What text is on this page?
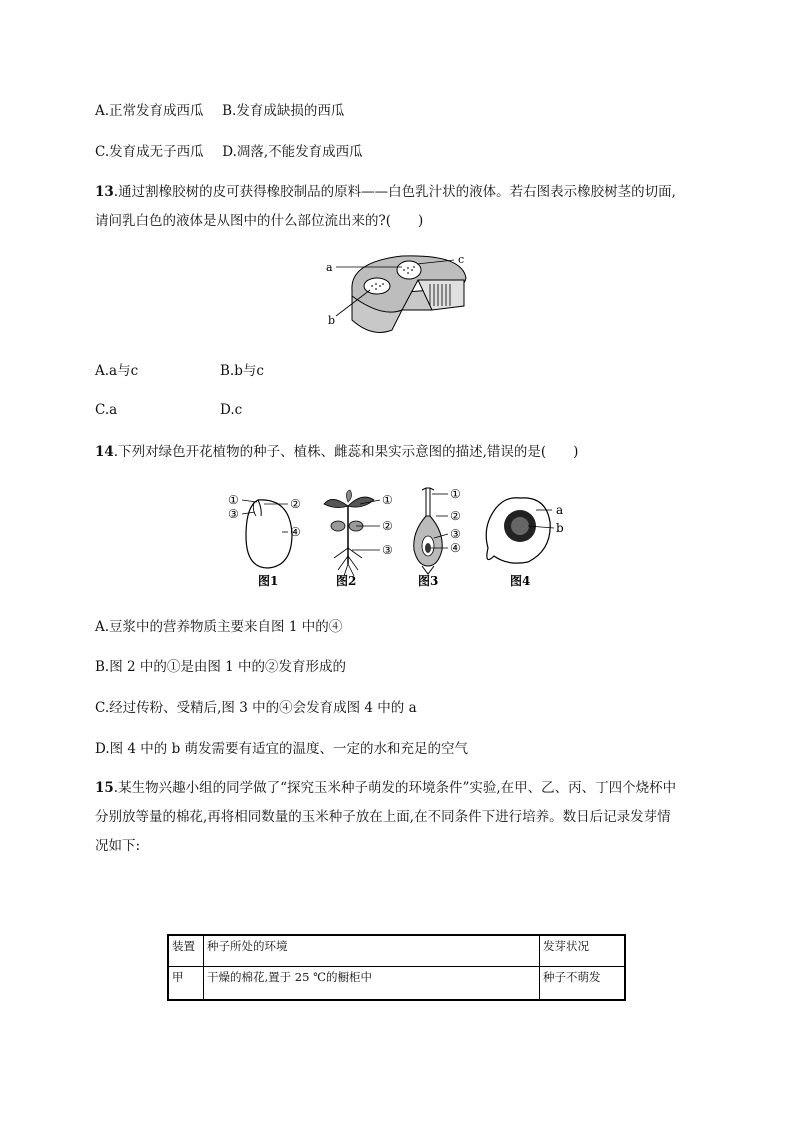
A.正常发育成西瓜 B.发育成缺损的西瓜
C.发育成无子西瓜 D.凋落,不能发育成西瓜
13.通过割橡胶树的皮可获得橡胶制品的原料——白色乳汁状的液体。若右图表示橡胶树茎的切面,
请问乳白色的液体是从图中的什么部位流出来的?(　　)
a
c
b
A.a与c	B.b与c
C.a	D.c
14.下列对绿色开花植物的种子、植株、雌蕊和果实示意图的描述,错误的是(　　)
①
③
②
④
①
②
③
①
②
③
④
a
b
图1	图2	图3	图4
A.豆浆中的营养物质主要来自图 1 中的④
B.图 2 中的①是由图 1 中的②发育形成的
C.经过传粉、受精后,图 3 中的④会发育成图 4 中的 a
D.图 4 中的 b 萌发需要有适宜的温度、一定的水和充足的空气
15.某生物兴趣小组的同学做了“探究玉米种子萌发的环境条件”实验,在甲、乙、丙、丁四个烧杯中
分别放等量的棉花,再将相同数量的玉米种子放在上面,在不同条件下进行培养。数日后记录发芽情
况如下:
装置	种子所处的环境	发芽状况
甲	干燥的棉花,置于 25 ℃的橱柜中	种子不萌发
